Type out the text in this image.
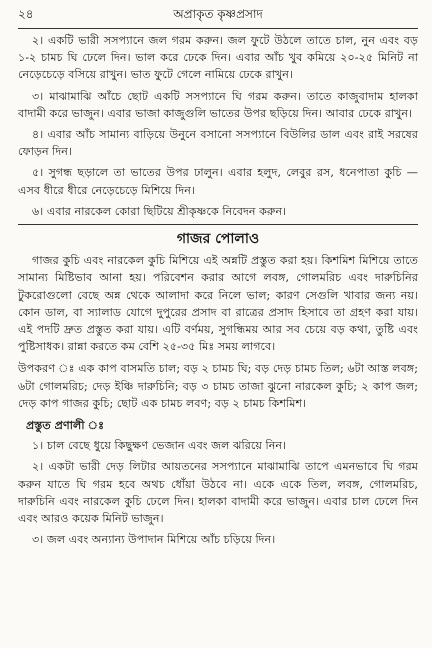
২৪	অপ্রাকৃত কৃষ্ণপ্রসাদ

২। একটি ভারী সসপ্যানে জল গরম করুন। জল ফুটে উঠলে তাতে চাল, নুন এবং বড় ১-২ চামচ ঘি ঢেলে দিন। ভাল করে ঢেকে দিন। এবার আঁচ খুব কমিয়ে ২০-২৫ মিনিট না নেড়েচেড়ে বসিয়ে রাখুন। ভাত ফুটে গেলে নামিয়ে ঢেকে রাখুন।

৩। মাঝামাঝি আঁচে ছোট একটি সসপ্যানে ঘি গরম করুন। তাতে কাজুবাদাম হালকা বাদামী করে ভাজুন। এবার ভাজা কাজুগুলি ভাতের উপর ছড়িয়ে দিন। আবার ঢেকে রাখুন।

৪। এবার আঁচ সামান্য বাড়িয়ে উনুনে বসানো সসপ্যানে বিউলির ডাল এবং রাই সরষের ফোড়ন দিন।

৫। সুগন্ধ ছড়ালে তা ভাতের উপর ঢালুন। এবার হলুদ, লেবুর রস, ধনেপাতা কুচি — এসব ধীরে ধীরে নেড়েচেড়ে মিশিয়ে দিন।

৬। এবার নারকেল কোরা ছিটিয়ে শ্রীকৃষ্ণকে নিবেদন করুন।

গাজর পোলাও

গাজর কুচি এবং নারকেল কুচি মিশিয়ে এই অন্নটি প্রস্তুত করা হয়। কিশমিশ মিশিয়ে তাতে সামান্য মিষ্টিভাব আনা হয়। পরিবেশন করার আগে লবঙ্গ, গোলমরিচ এবং দারুচিনির টুকরোগুলো বেছে অন্ন থেকে আলাদা করে নিলে ভাল; কারণ সেগুলি খাবার জন্য নয়। কোন ডাল, বা স্যালাড যোগে দুপুরের প্রসাদ বা রাত্রের প্রসাদ হিসাবে তা গ্রহণ করা যায়। এই পদটি দ্রুত প্রস্তুত করা যায়। এটি বর্ণময়, সুগন্ধিময় আর সব চেয়ে বড় কথা, তুষ্টি এবং পুষ্টিসাধক। রান্না করতে কম বেশি ২৫-৩৫ মিঃ সময় লাগবে।

উপকরণ ঃ এক কাপ বাসমতি চাল; বড় ২ চামচ ঘি; বড় দেড় চামচ তিল; ৬টা আস্ত লবঙ্গ; ৬টা গোলমরিচ; দেড় ইঞ্চি দারুচিনি; বড় ৩ চামচ তাজা ঝুনো নারকেল কুচি; ২ কাপ জল; দেড় কাপ গাজর কুচি; ছোট এক চামচ লবণ; বড় ২ চামচ কিশমিশ।

প্রস্তুত প্রণালী ঃ

১। চাল বেছে ধুয়ে কিছুক্ষণ ভেজান এবং জল ঝরিয়ে নিন।

২। একটা ভারী দেড় লিটার আয়তনের সসপ্যানে মাঝামাঝি তাপে এমনভাবে ঘি গরম করুন যাতে ঘি গরম হবে অথচ ধোঁয়া উঠবে না। একে একে তিল, লবঙ্গ, গোলমরিচ, দারুচিনি এবং নারকেল কুচি ঢেলে দিন। হালকা বাদামী করে ভাজুন। এবার চাল ঢেলে দিন এবং আরও কয়েক মিনিট ভাজুন।

৩। জল এবং অন্যান্য উপাদান মিশিয়ে আঁচ চড়িয়ে দিন।
